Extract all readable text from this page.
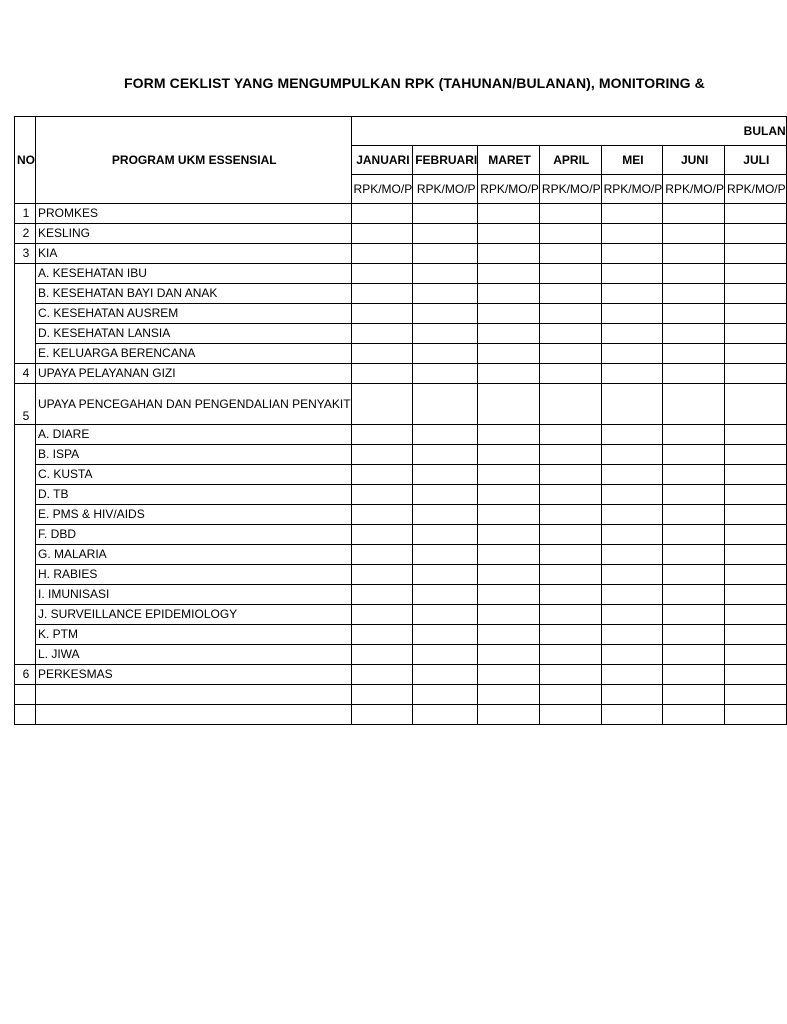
FORM CEKLIST YANG MENGUMPULKAN RPK (TAHUNAN/BULANAN), MONITORING &
NO	PROGRAM UKM ESSENSIAL	BULAN						
		JANUARI	FEBRUARI	MARET	APRIL	MEI	JUNI	JULI
		RPK/MO/P	RPK/MO/P	RPK/MO/P	RPK/MO/P	RPK/MO/P	RPK/MO/P	RPK/MO/P
1	PROMKES							
2	KESLING							
3	KIA							
	A. KESEHATAN IBU							
	B. KESEHATAN BAYI DAN ANAK							
	C. KESEHATAN AUSREM							
	D. KESEHATAN LANSIA							
	E. KELUARGA BERENCANA							
4	UPAYA PELAYANAN GIZI							
5	UPAYA PENCEGAHAN DAN PENGENDALIAN PENYAKIT							
	A. DIARE							
	B. ISPA							
	C. KUSTA							
	D. TB							
	E. PMS & HIV/AIDS							
	F. DBD							
	G. MALARIA							
	H. RABIES							
	I. IMUNISASI							
	J. SURVEILLANCE EPIDEMIOLOGY							
	K. PTM							
	L. JIWA							
6	PERKESMAS							
